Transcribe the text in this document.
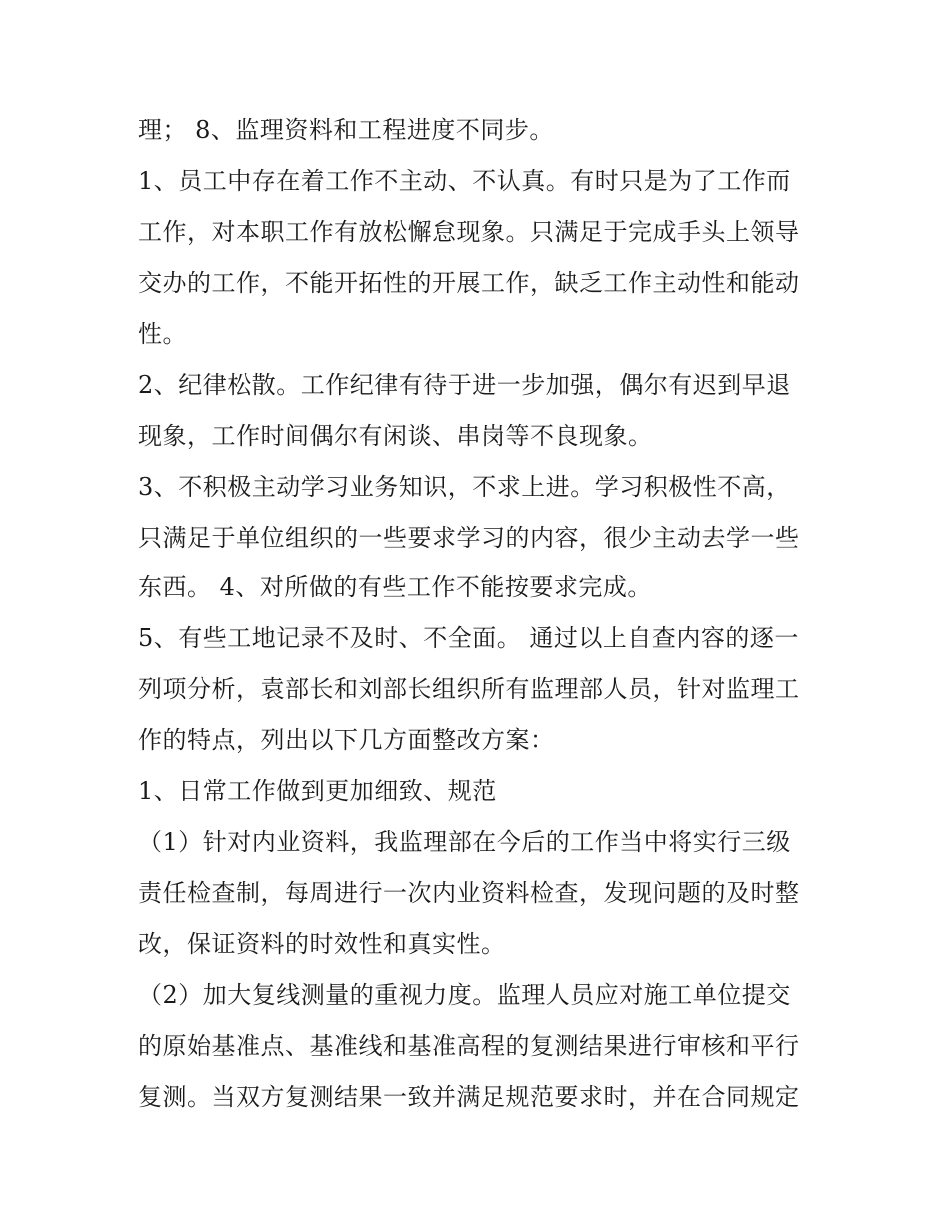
理； 8、监理资料和工程进度不同步。
1、员工中存在着工作不主动、不认真。有时只是为了工作而
工作，对本职工作有放松懈怠现象。只满足于完成手头上领导
交办的工作，不能开拓性的开展工作，缺乏工作主动性和能动
性。
2、纪律松散。工作纪律有待于进一步加强，偶尔有迟到早退
现象，工作时间偶尔有闲谈、串岗等不良现象。
3、不积极主动学习业务知识，不求上进。学习积极性不高，
只满足于单位组织的一些要求学习的内容，很少主动去学一些
东西。 4、对所做的有些工作不能按要求完成。
5、有些工地记录不及时、不全面。 通过以上自查内容的逐一
列项分析，袁部长和刘部长组织所有监理部人员，针对监理工
作的特点，列出以下几方面整改方案：
1、日常工作做到更加细致、规范
（1）针对内业资料，我监理部在今后的工作当中将实行三级
责任检查制，每周进行一次内业资料检查，发现问题的及时整
改，保证资料的时效性和真实性。
（2）加大复线测量的重视力度。监理人员应对施工单位提交
的原始基准点、基准线和基准高程的复测结果进行审核和平行
复测。当双方复测结果一致并满足规范要求时，并在合同规定
